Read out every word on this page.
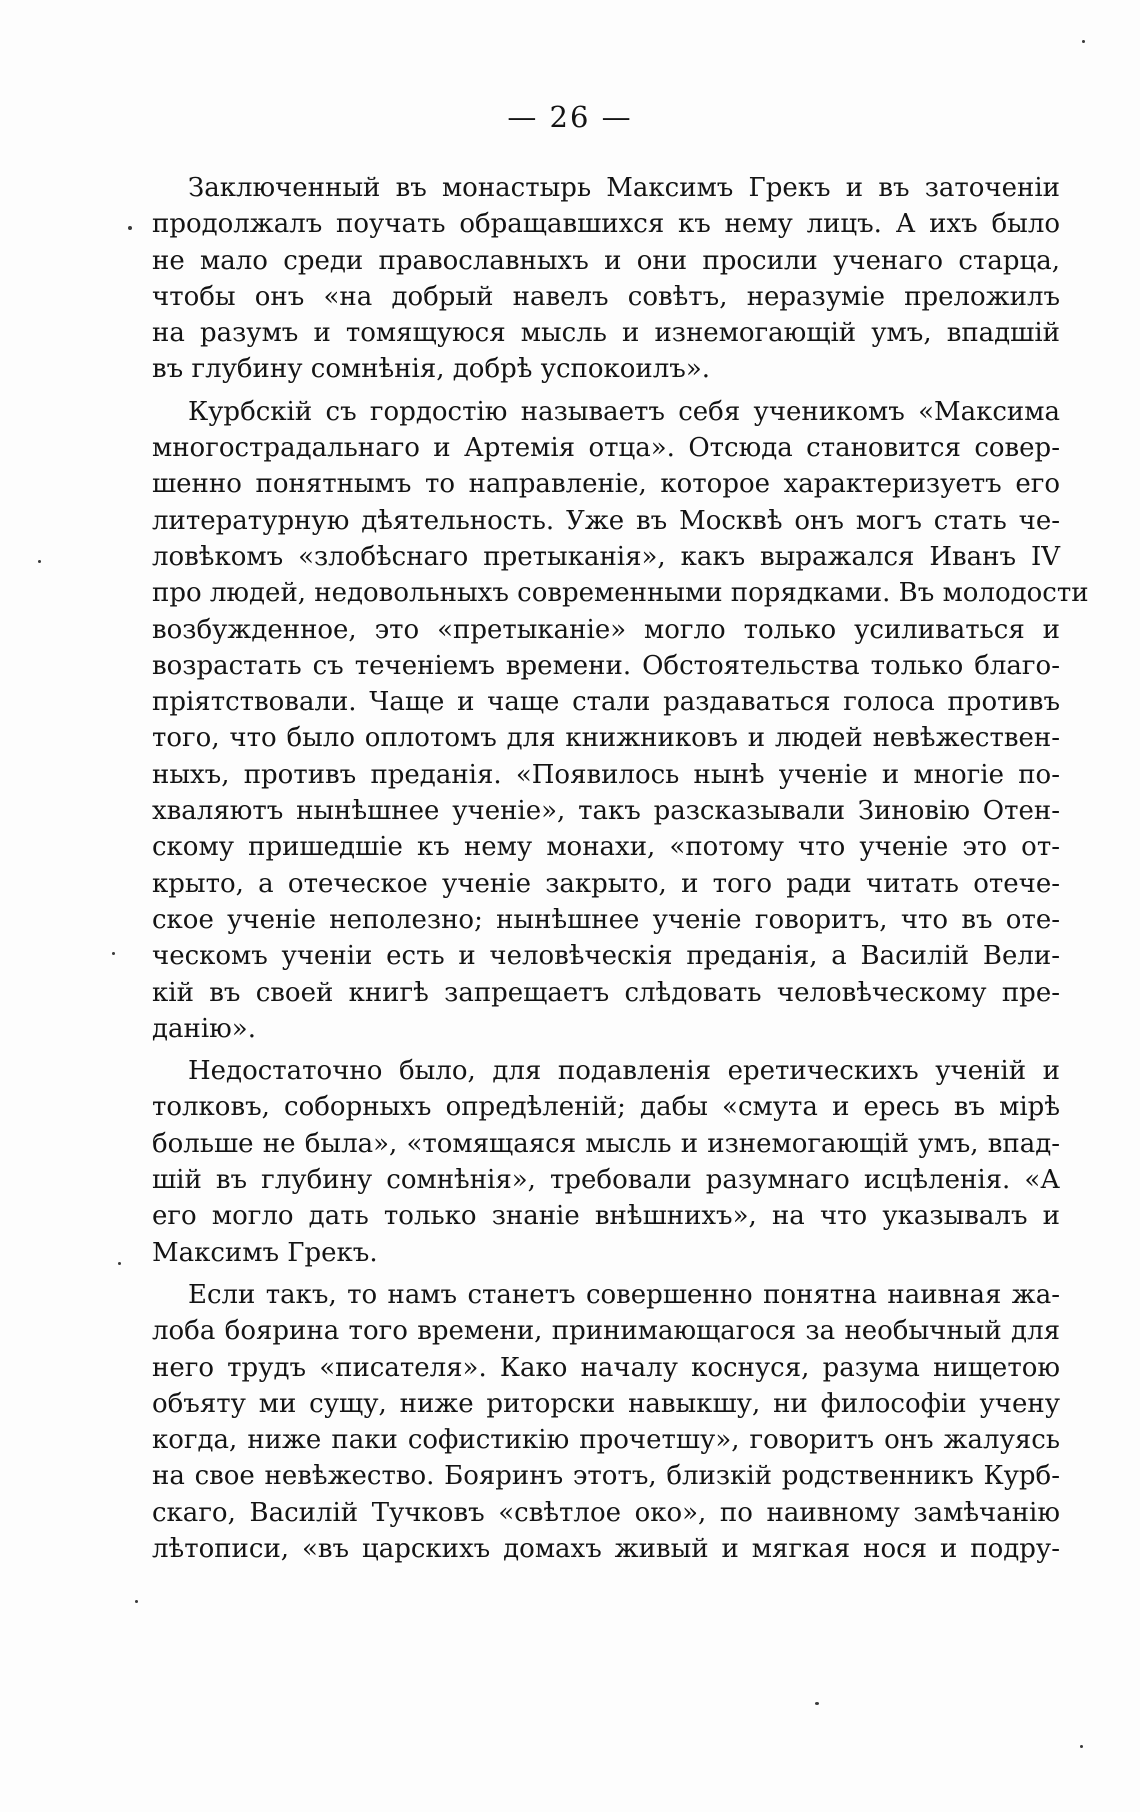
— 26 —
Заключенный въ монастырь Максимъ Грекъ и въ заточеніи
продолжалъ поучать обращавшихся къ нему лицъ. А ихъ было
не мало среди православныхъ и они просили ученаго старца,
чтобы онъ «на добрый навелъ совѣтъ, неразуміе преложилъ
на разумъ и томящуюся мысль и изнемогающій умъ, впадшій
въ глубину сомнѣнія, добрѣ успокоилъ».
Курбскій съ гордостію называетъ себя ученикомъ «Максима
многострадальнаго и Артемія отца». Отсюда становится совер-
шенно понятнымъ то направленіе, которое характеризуетъ его
литературную дѣятельность. Уже въ Москвѣ онъ могъ стать че-
ловѣкомъ «злобѣснаго претыканія», какъ выражался Иванъ IV
про людей, недовольныхъ современными порядками. Въ молодости
возбужденное, это «претыканіе» могло только усиливаться и
возрастать съ теченіемъ времени. Обстоятельства только благо-
пріятствовали. Чаще и чаще стали раздаваться голоса противъ
того, что было оплотомъ для книжниковъ и людей невѣжествен-
ныхъ, противъ преданія. «Появилось нынѣ ученіе и многіе по-
хваляютъ нынѣшнее ученіе», такъ разсказывали Зиновію Отен-
скому пришедшіе къ нему монахи, «потому что ученіе это от-
крыто, а отеческое ученіе закрыто, и того ради читать отече-
ское ученіе неполезно; нынѣшнее ученіе говоритъ, что въ оте-
ческомъ ученіи есть и человѣческія преданія, а Василій Вели-
кій въ своей книгѣ запрещаетъ слѣдовать человѣческому пре-
данію».
Недостаточно было, для подавленія еретическихъ ученій и
толковъ, соборныхъ опредѣленій; дабы «смута и ересь въ мірѣ
больше не была», «томящаяся мысль и изнемогающій умъ, впад-
шій въ глубину сомнѣнія», требовали разумнаго исцѣленія. «А
его могло дать только знаніе внѣшнихъ», на что указывалъ и
Максимъ Грекъ.
Если такъ, то намъ станетъ совершенно понятна наивная жа-
лоба боярина того времени, принимающагося за необычный для
него трудъ «писателя». Како началу коснуся, разума нищетою
объяту ми сущу, ниже риторски навыкшу, ни философіи учену
когда, ниже паки софистикію прочетшу», говоритъ онъ жалуясь
на свое невѣжество. Бояринъ этотъ, близкій родственникъ Курб-
скаго, Василій Тучковъ «свѣтлое око», по наивному замѣчанію
лѣтописи, «въ царскихъ домахъ живый и мягкая нося и подру-
